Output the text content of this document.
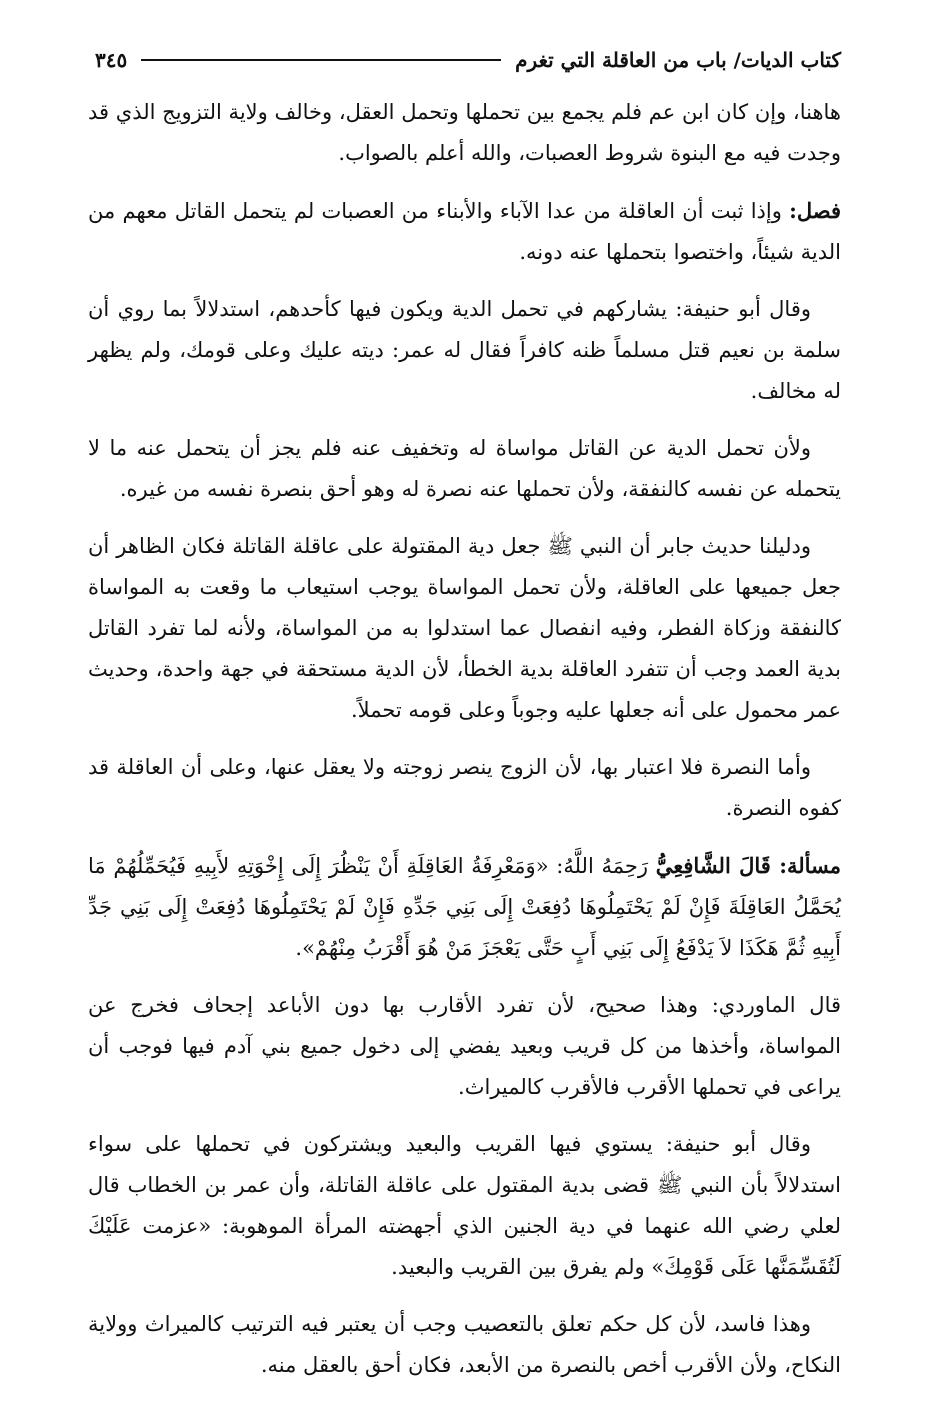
كتاب الديات/ باب من العاقلة التي تغرم
٣٤٥

هاهنا، وإن كان ابن عم فلم يجمع بين تحملها وتحمل العقل، وخالف ولاية التزويج الذي قد وجدت فيه مع البنوة شروط العصبات، والله أعلم بالصواب.

فصل: وإذا ثبت أن العاقلة من عدا الآباء والأبناء من العصبات لم يتحمل القاتل معهم من الدية شيئاً، واختصوا بتحملها عنه دونه.

وقال أبو حنيفة: يشاركهم في تحمل الدية ويكون فيها كأحدهم، استدلالاً بما روي أن سلمة بن نعيم قتل مسلماً ظنه كافراً فقال له عمر: ديته عليك وعلى قومك، ولم يظهر له مخالف.

ولأن تحمل الدية عن القاتل مواساة له وتخفيف عنه فلم يجز أن يتحمل عنه ما لا يتحمله عن نفسه كالنفقة، ولأن تحملها عنه نصرة له وهو أحق بنصرة نفسه من غيره.

ودليلنا حديث جابر أن النبي ﷺ جعل دية المقتولة على عاقلة القاتلة فكان الظاهر أن جعل جميعها على العاقلة، ولأن تحمل المواساة يوجب استيعاب ما وقعت به المواساة كالنفقة وزكاة الفطر، وفيه انفصال عما استدلوا به من المواساة، ولأنه لما تفرد القاتل بدية العمد وجب أن تتفرد العاقلة بدية الخطأ، لأن الدية مستحقة في جهة واحدة، وحديث عمر محمول على أنه جعلها عليه وجوباً وعلى قومه تحملاً.

وأما النصرة فلا اعتبار بها، لأن الزوج ينصر زوجته ولا يعقل عنها، وعلى أن العاقلة قد كفوه النصرة.

مسألة: قَالَ الشَّافِعِيُّ رَحِمَهُ اللَّهُ: «وَمَعْرِفَةُ العَاقِلَةِ أَنْ يَنْظُرَ إِلَى إِخْوَتِهِ لأَبِيهِ فَيُحَمِّلُهُمْ مَا يُحَمَّلُ العَاقِلَةَ فَإِنْ لَمْ يَحْتَمِلُوهَا دُفِعَتْ إِلَى بَنِي جَدِّهِ فَإِنْ لَمْ يَحْتَمِلُوهَا دُفِعَتْ إِلَى بَنِي جَدِّ أَبِيهِ ثُمَّ هَكَذَا لاَ يَدْفَعُ إِلَى بَنِي أَبٍ حَتَّى يَعْجَزَ مَنْ هُوَ أَقْرَبُ مِنْهُمْ».

قال الماوردي: وهذا صحيح، لأن تفرد الأقارب بها دون الأباعد إجحاف فخرج عن المواساة، وأخذها من كل قريب وبعيد يفضي إلى دخول جميع بني آدم فيها فوجب أن يراعى في تحملها الأقرب فالأقرب كالميراث.

وقال أبو حنيفة: يستوي فيها القريب والبعيد ويشتركون في تحملها على سواء استدلالاً بأن النبي ﷺ قضى بدية المقتول على عاقلة القاتلة، وأن عمر بن الخطاب قال لعلي رضي الله عنهما في دية الجنين الذي أجهضته المرأة الموهوبة: «عزمت عَلَيْكَ لَتُقَسِّمَنَّها عَلَى قَوْمِكَ» ولم يفرق بين القريب والبعيد.

وهذا فاسد، لأن كل حكم تعلق بالتعصيب وجب أن يعتبر فيه الترتيب كالميراث وولاية النكاح، ولأن الأقرب أخص بالنصرة من الأبعد، فكان أحق بالعقل منه.
